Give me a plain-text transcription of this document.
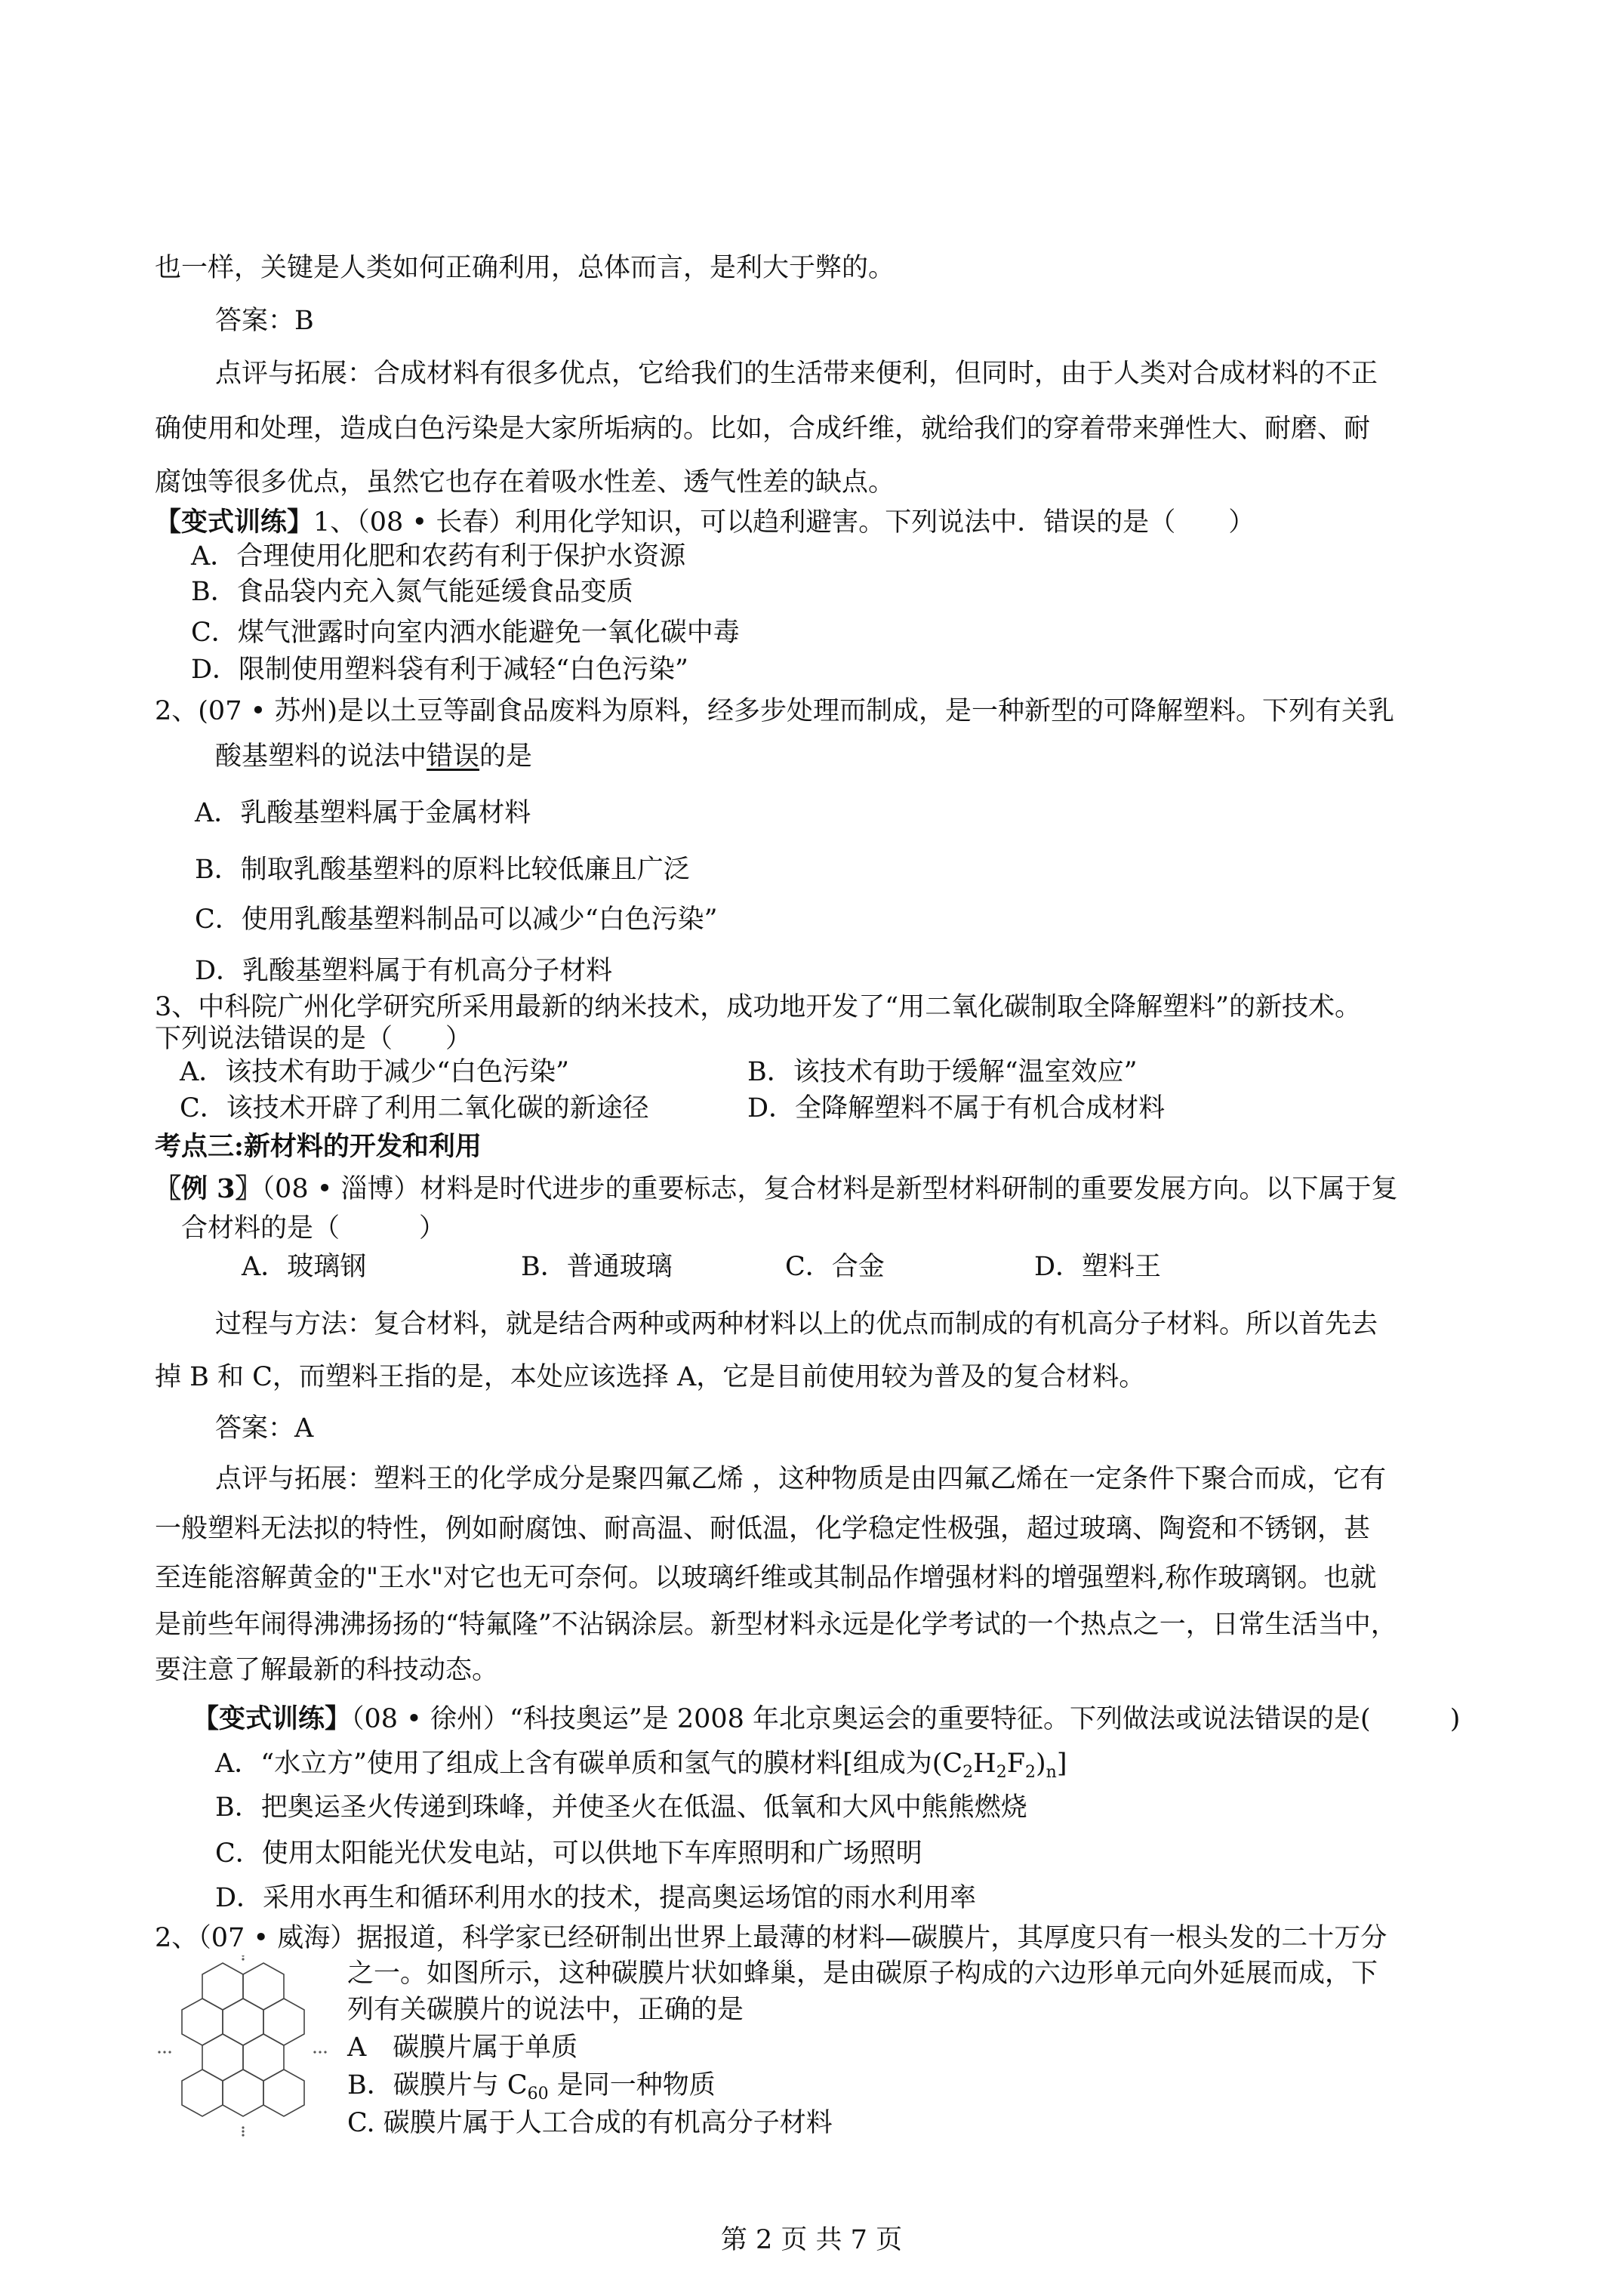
也一样，关键是人类如何正确利用，总体而言，是利大于弊的。
答案：B
点评与拓展：合成材料有很多优点，它给我们的生活带来便利，但同时，由于人类对合成材料的不正
确使用和处理，造成白色污染是大家所垢病的。比如，合成纤维，就给我们的穿着带来弹性大、耐磨、耐
腐蚀等很多优点，虽然它也存在着吸水性差、透气性差的缺点。
【变式训练】1、（08 • 长春）利用化学知识，可以趋利避害。下列说法中．错误的是（　　）
A．合理使用化肥和农药有利于保护水资源
B．食品袋内充入氮气能延缓食品变质
C．煤气泄露时向室内洒水能避免一氧化碳中毒
D．限制使用塑料袋有利于减轻“白色污染”
2、(07 • 苏州)是以土豆等副食品废料为原料，经多步处理而制成，是一种新型的可降解塑料。下列有关乳
酸基塑料的说法中错误的是
A．乳酸基塑料属于金属材料
B．制取乳酸基塑料的原料比较低廉且广泛
C．使用乳酸基塑料制品可以减少“白色污染”
D．乳酸基塑料属于有机高分子材料
3、中科院广州化学研究所采用最新的纳米技术，成功地开发了“用二氧化碳制取全降解塑料”的新技术。
下列说法错误的是（　　）
A．该技术有助于减少“白色污染”	B．该技术有助于缓解“温室效应”
C．该技术开辟了利用二氧化碳的新途径	D．全降解塑料不属于有机合成材料
考点三:新材料的开发和利用
〖例 3〗（08 • 淄博）材料是时代进步的重要标志，复合材料是新型材料研制的重要发展方向。以下属于复
合材料的是（　　　）
A．玻璃钢	B．普通玻璃	C．合金	D．塑料王
过程与方法：复合材料，就是结合两种或两种材料以上的优点而制成的有机高分子材料。所以首先去
掉 B 和 C，而塑料王指的是，本处应该选择 A，它是目前使用较为普及的复合材料。
答案：A
点评与拓展：塑料王的化学成分是聚四氟乙烯 ，这种物质是由四氟乙烯在一定条件下聚合而成，它有
一般塑料无法拟的特性，例如耐腐蚀、耐高温、耐低温，化学稳定性极强，超过玻璃、陶瓷和不锈钢，甚
至连能溶解黄金的"王水"对它也无可奈何。以玻璃纤维或其制品作增强材料的增强塑料,称作玻璃钢。也就
是前些年闹得沸沸扬扬的“特氟隆”不沾锅涂层。新型材料永远是化学考试的一个热点之一，日常生活当中，
要注意了解最新的科技动态。
【变式训练】（08 • 徐州）“科技奥运”是 2008 年北京奥运会的重要特征。下列做法或说法错误的是(　　　)
A．“水立方”使用了组成上含有碳单质和氢气的膜材料[组成为$(C_2H_2F_2)_n$]
B．把奥运圣火传递到珠峰，并使圣火在低温、低氧和大风中熊熊燃烧
C．使用太阳能光伏发电站，可以供地下车库照明和广场照明
D．采用水再生和循环利用水的技术，提高奥运场馆的雨水利用率
2、（07 • 威海）据报道，科学家已经研制出世界上最薄的材料—碳膜片，其厚度只有一根头发的二十万分
之一。如图所示，这种碳膜片状如蜂巢，是由碳原子构成的六边形单元向外延展而成，下
列有关碳膜片的说法中，正确的是
A　碳膜片属于单质
B．碳膜片与 $C_{60}$ 是同一种物质
C. 碳膜片属于人工合成的有机高分子材料
第 2 页 共 7 页
